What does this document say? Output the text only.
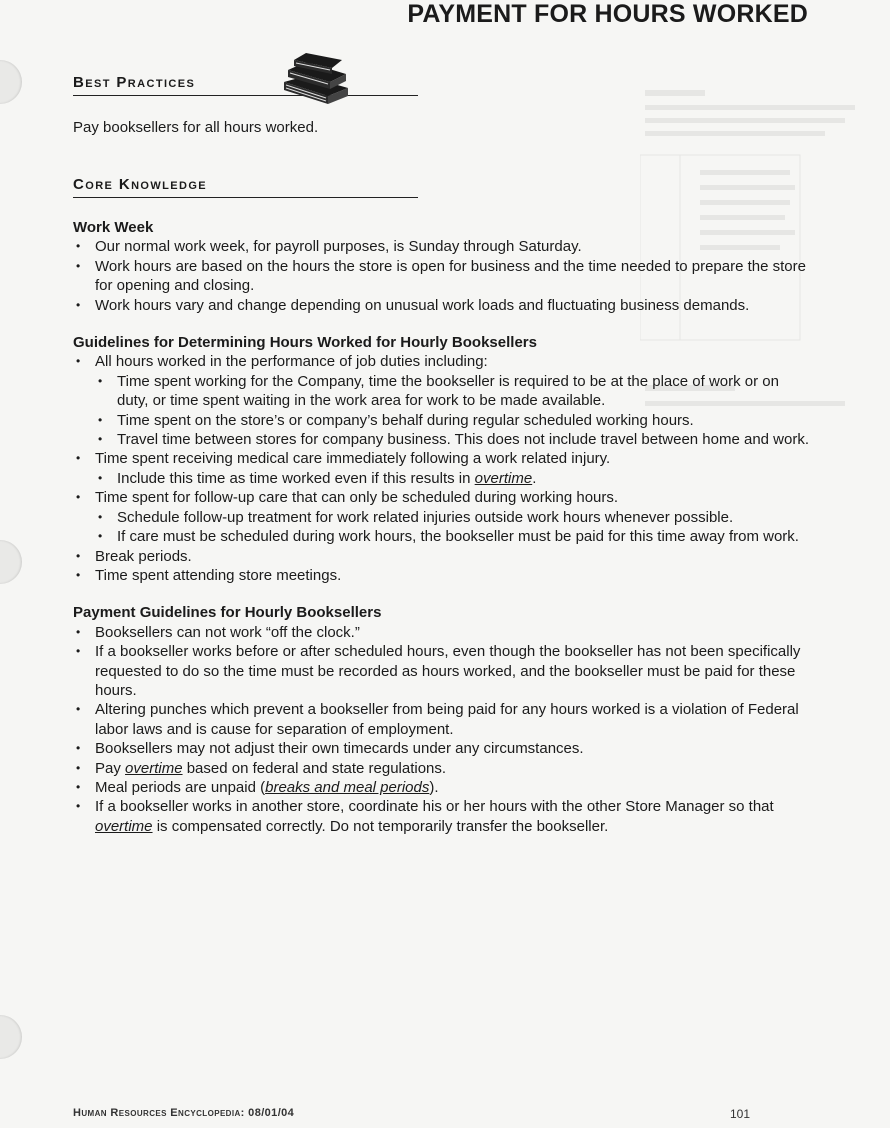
PAYMENT FOR HOURS WORKED
Best Practices
Pay booksellers for all hours worked.
Core Knowledge

Work Week

• Our normal work week, for payroll purposes, is Sunday through Saturday.
• Work hours are based on the hours the store is open for business and the time needed to prepare the store for opening and closing.
• Work hours vary and change depending on unusual work loads and fluctuating business demands.

Guidelines for Determining Hours Worked for Hourly Booksellers

• All hours worked in the performance of job duties including:
• Time spent working for the Company, time the bookseller is required to be at the place of work or on duty, or time spent waiting in the work area for work to be made available.
• Time spent on the store’s or company’s behalf during regular scheduled working hours.
• Travel time between stores for company business. This does not include travel between home and work.
• Time spent receiving medical care immediately following a work related injury.
• Include this time as time worked even if this results in overtime.
• Time spent for follow-up care that can only be scheduled during working hours.
• Schedule follow-up treatment for work related injuries outside work hours whenever possible.
• If care must be scheduled during work hours, the bookseller must be paid for this time away from work.
• Break periods.
• Time spent attending store meetings.

Payment Guidelines for Hourly Booksellers

• Booksellers can not work “off the clock.”
• If a bookseller works before or after scheduled hours, even though the bookseller has not been specifically requested to do so the time must be recorded as hours worked, and the bookseller must be paid for these hours.
• Altering punches which prevent a bookseller from being paid for any hours worked is a violation of Federal labor laws and is cause for separation of employment.
• Booksellers may not adjust their own timecards under any circumstances.
• Pay overtime based on federal and state regulations.
• Meal periods are unpaid (breaks and meal periods).
• If a bookseller works in another store, coordinate his or her hours with the other Store Manager so that overtime is compensated correctly. Do not temporarily transfer the bookseller.
Human Resources Encyclopedia: 08/01/04	101
